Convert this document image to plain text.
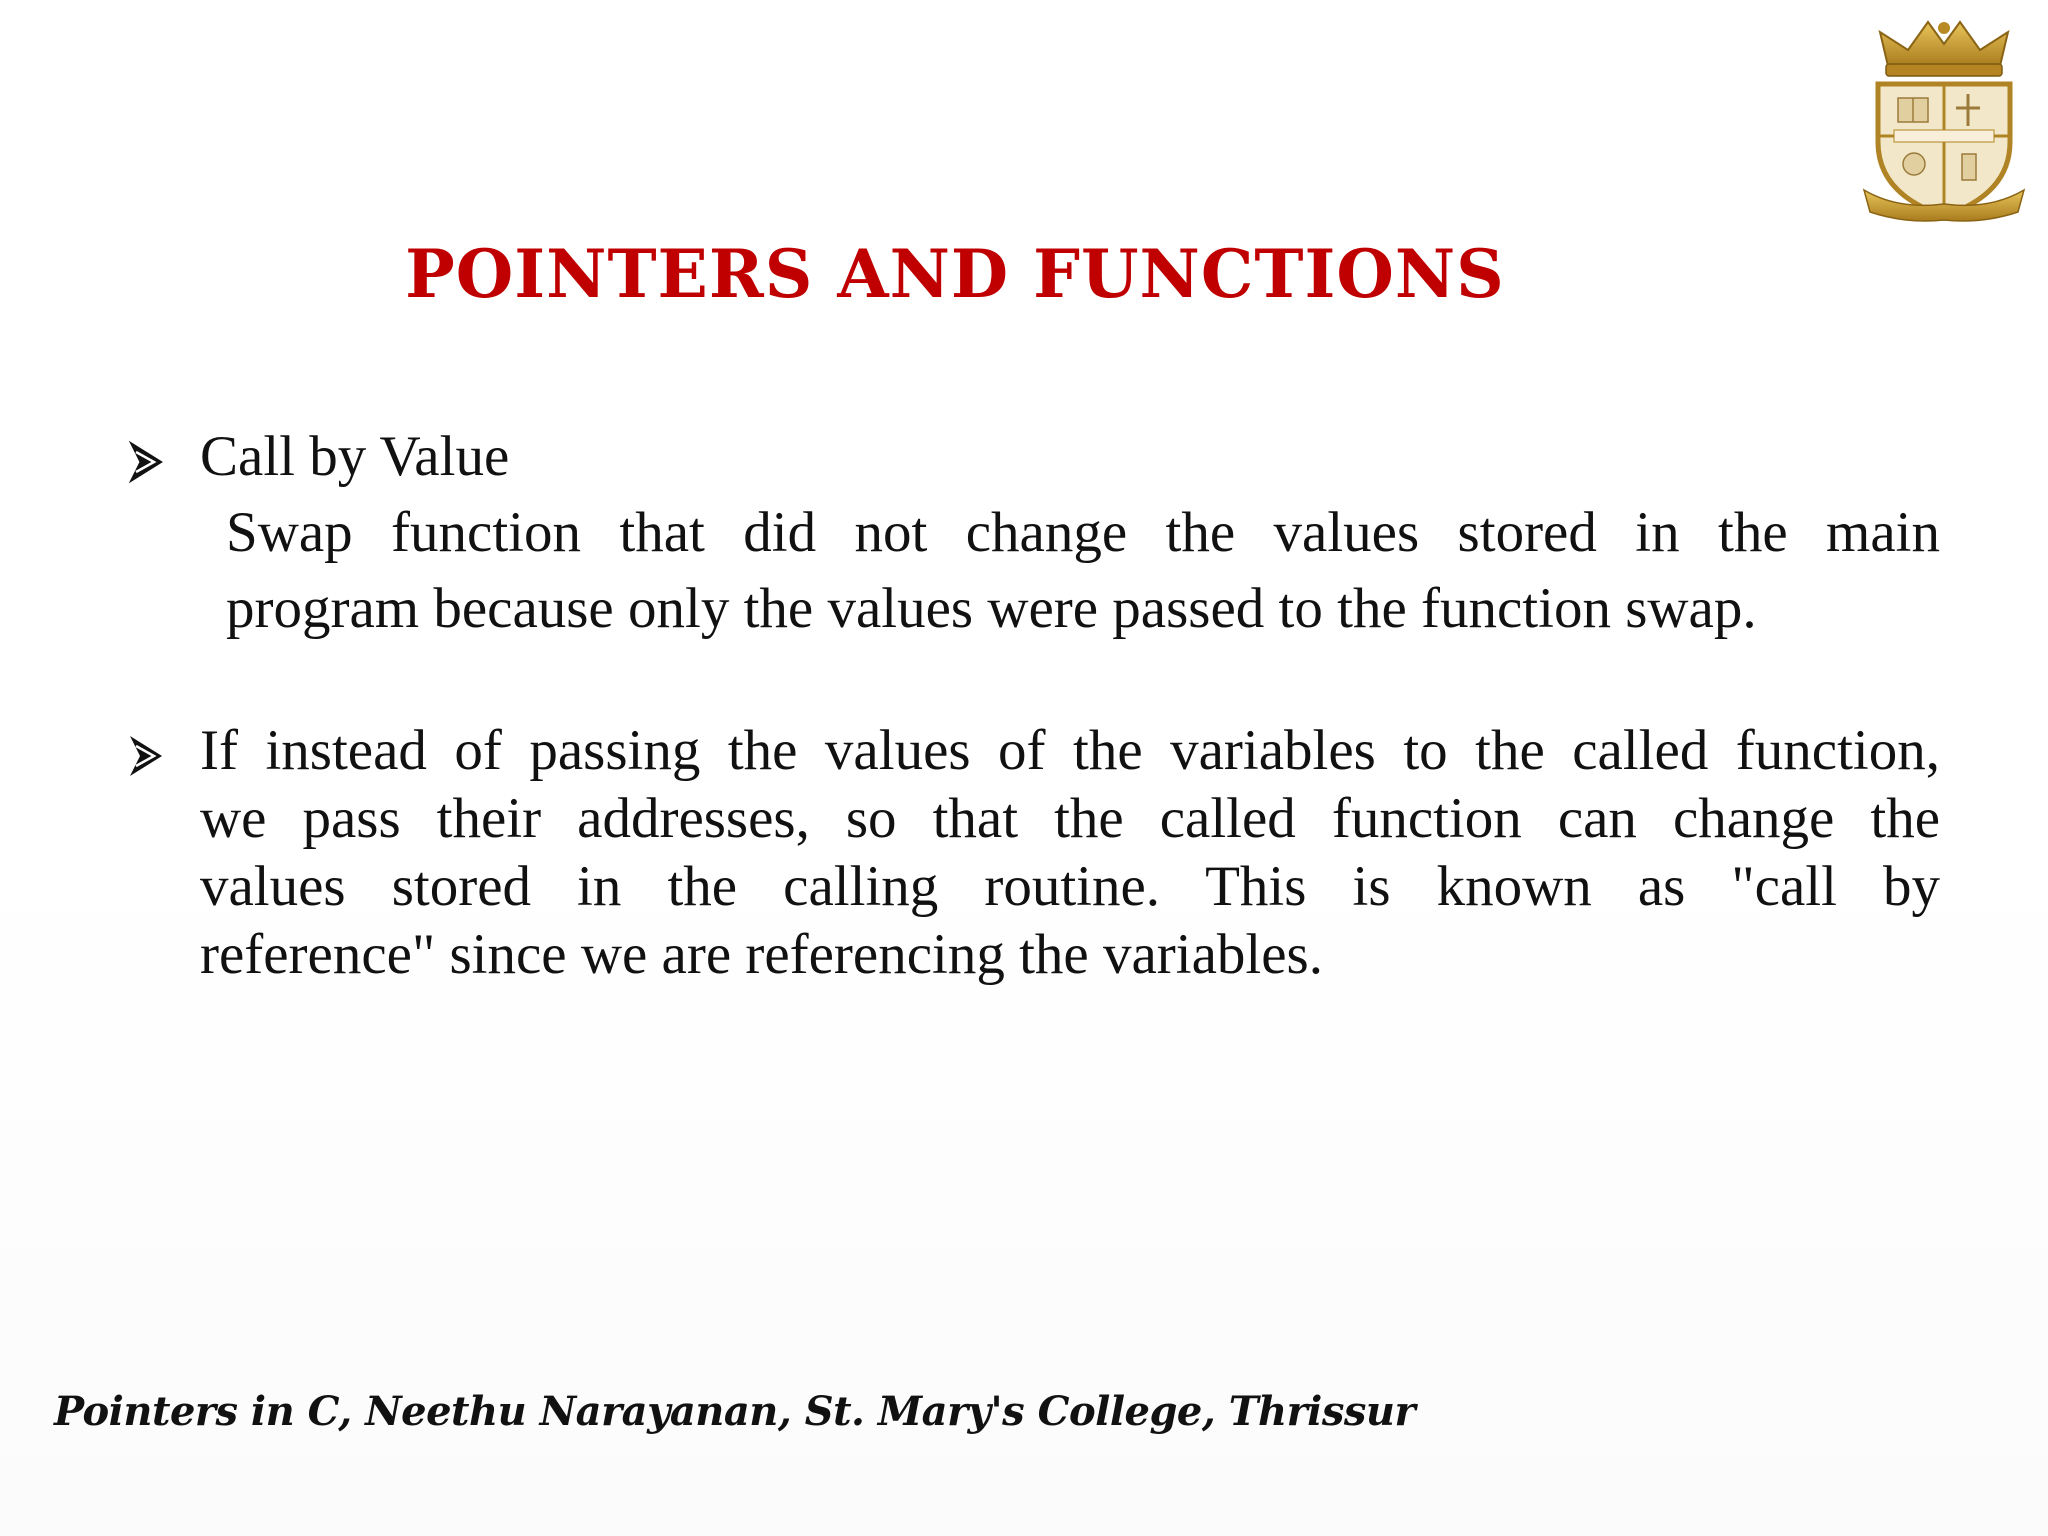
POINTERS AND FUNCTIONS
Call by Value
Swap function that did not change the values stored in the main
program because only the values were passed to the function swap.
If instead of passing the values of the variables to the called function,
we pass their addresses, so that the called function can change the
values stored in the calling routine. This is known as "call by
reference" since we are referencing the variables.
Pointers in C, Neethu Narayanan, St. Mary's College, Thrissur
